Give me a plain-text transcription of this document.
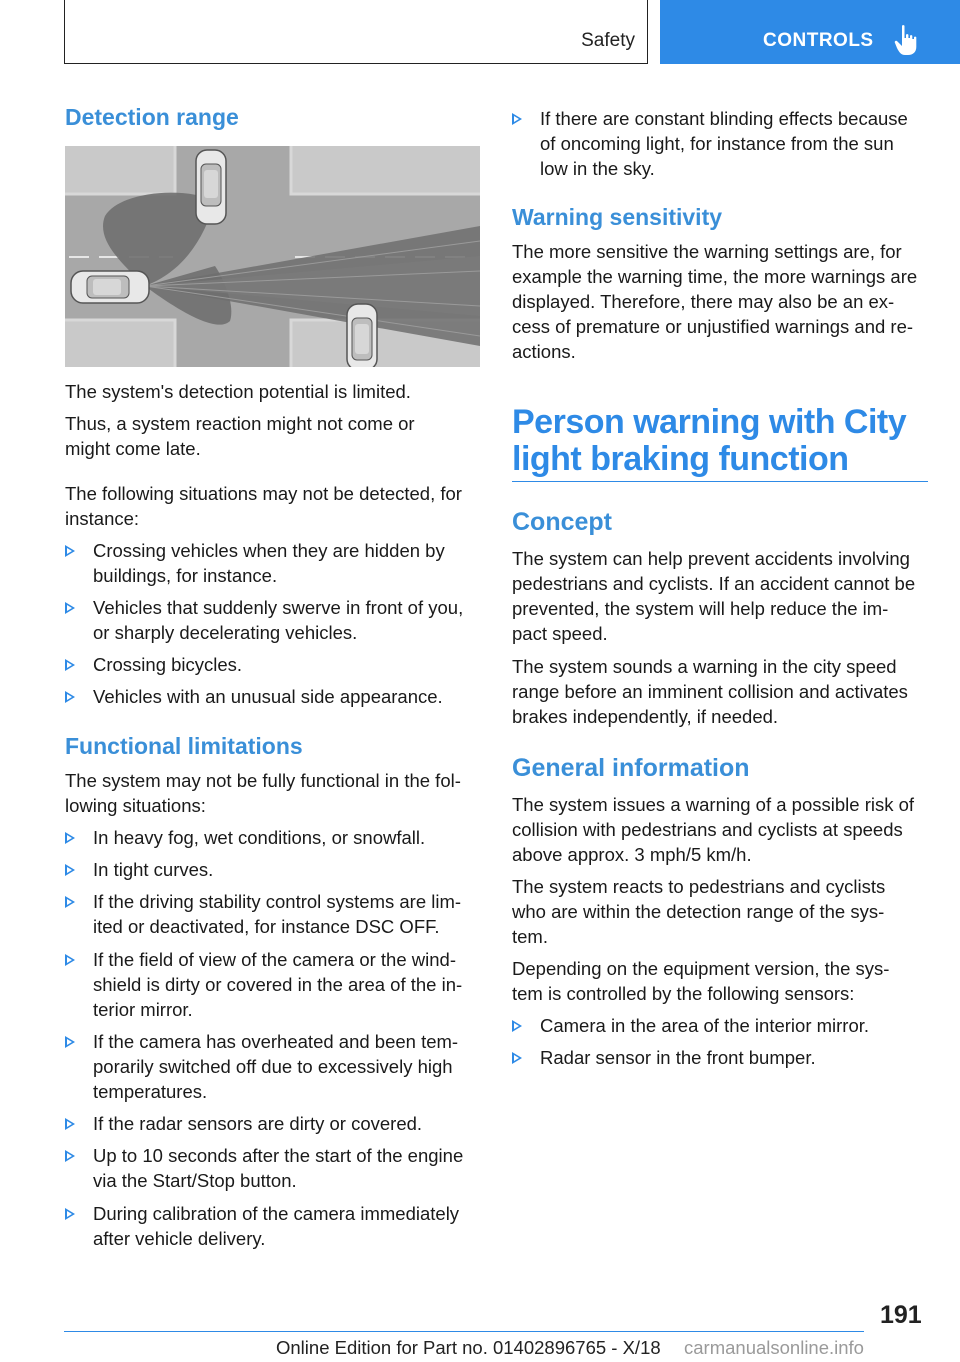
Safety	CONTROLS
Detection range

The system's detection potential is limited.

Thus, a system reaction might not come or

might come late.

The following situations may not be detected, for

instance:

Crossing vehicles when they are hidden by
buildings, for instance.
Vehicles that suddenly swerve in front of you,
or sharply decelerating vehicles.
Crossing bicycles.
Vehicles with an unusual side appearance.
Functional limitations

The system may not be fully functional in the fol‐

lowing situations:

In heavy fog, wet conditions, or snowfall.
In tight curves.
If the driving stability control systems are lim‐
ited or deactivated, for instance DSC OFF.
If the field of view of the camera or the wind‐
shield is dirty or covered in the area of the in‐
terior mirror.
If the camera has overheated and been tem‐
porarily switched off due to excessively high
temperatures.
If the radar sensors are dirty or covered.
Up to 10 seconds after the start of the engine
via the Start/Stop button.
During calibration of the camera immediately
after vehicle delivery.
If there are constant blinding effects because
of oncoming light, for instance from the sun
low in the sky.
Warning sensitivity

The more sensitive the warning settings are, for
example the warning time, the more warnings are
displayed. Therefore, there may also be an ex‐
cess of premature or unjustified warnings and re‐
actions.

Person warning with City
light braking function
Concept

The system can help prevent accidents involving
pedestrians and cyclists. If an accident cannot be
prevented, the system will help reduce the im‐
pact speed.

The system sounds a warning in the city speed
range before an imminent collision and activates
brakes independently, if needed.

General information

The system issues a warning of a possible risk of
collision with pedestrians and cyclists at speeds
above approx. 3 mph/5 km/h.

The system reacts to pedestrians and cyclists
who are within the detection range of the sys‐
tem.

Depending on the equipment version, the sys‐
tem is controlled by the following sensors:

Camera in the area of the interior mirror.
Radar sensor in the front bumper.
191
Online Edition for Part no. 01402896765 - X/18 carmanualsonline.info
